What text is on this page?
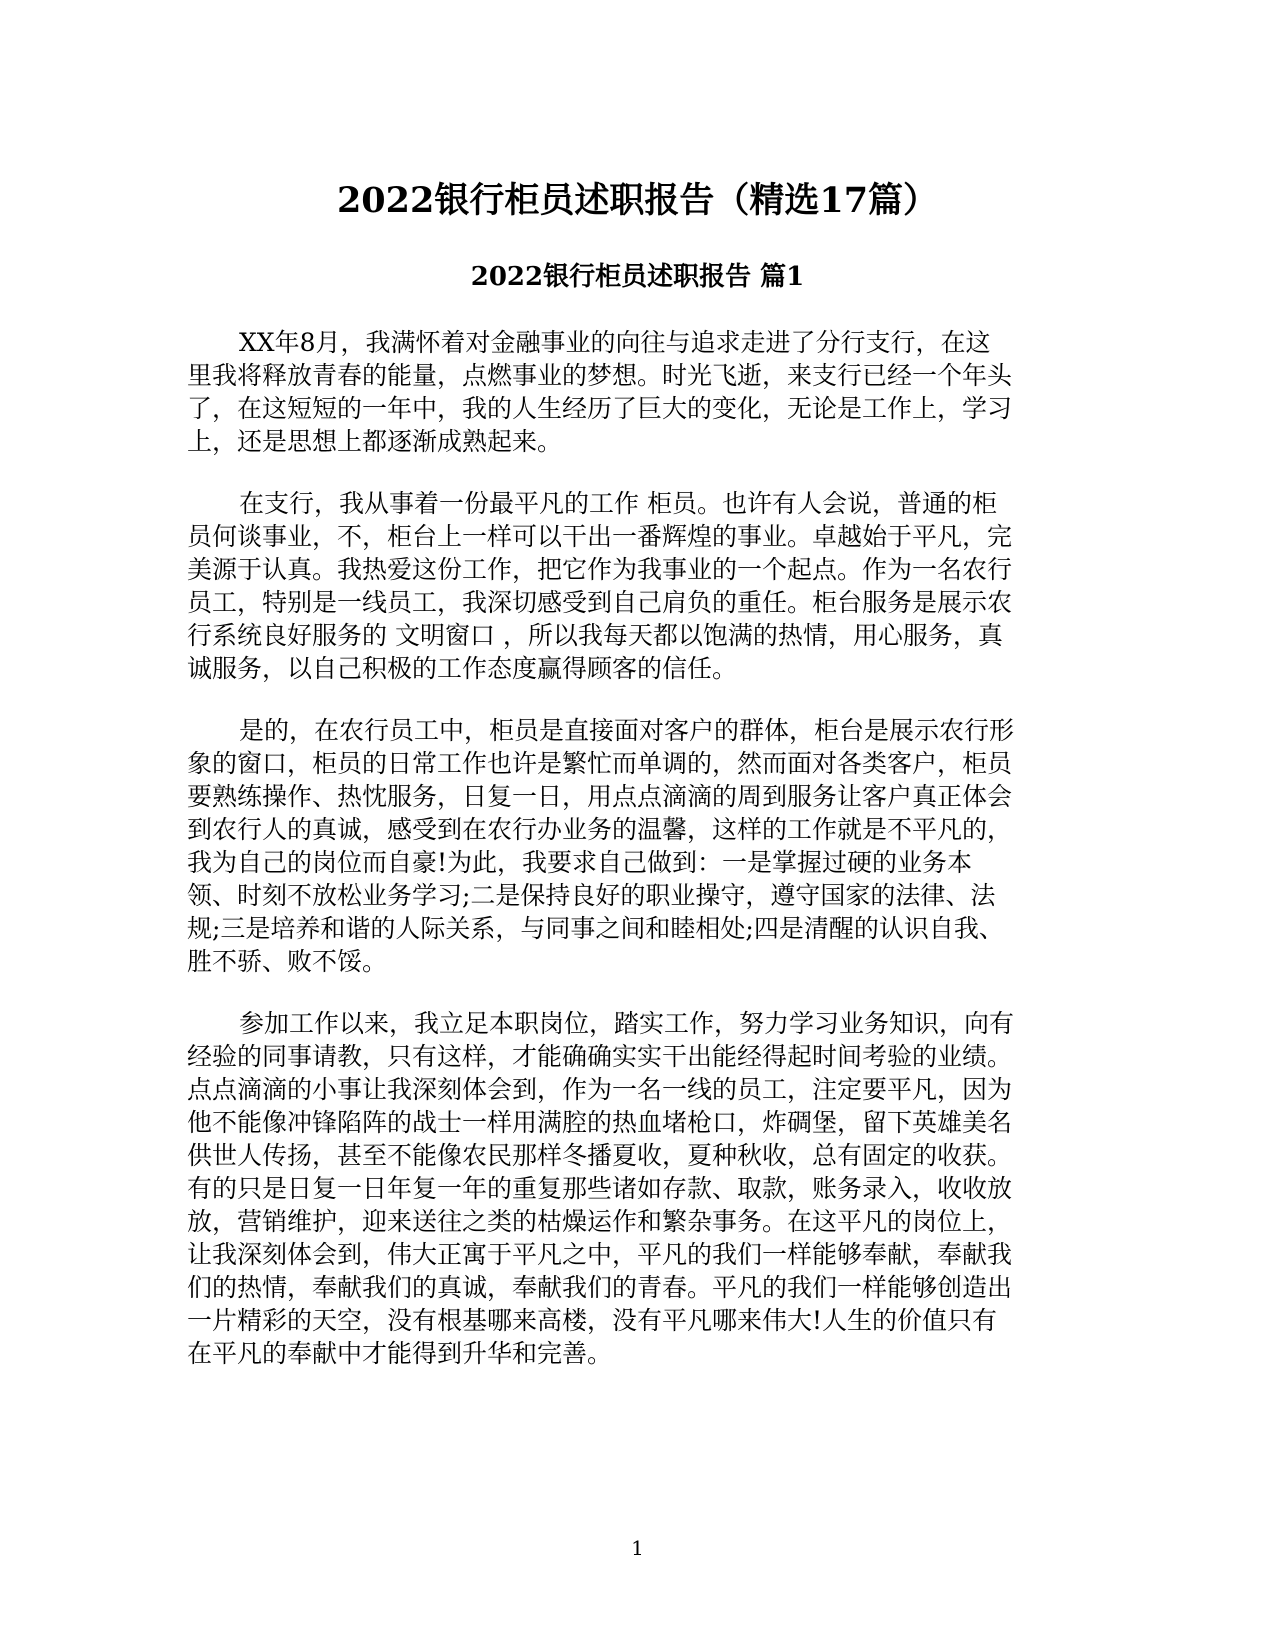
2022银行柜员述职报告（精选17篇）
2022银行柜员述职报告 篇1

XX年8月，我满怀着对金融事业的向往与追求走进了分行支行，在这
里我将释放青春的能量，点燃事业的梦想。时光飞逝，来支行已经一个年头
了，在这短短的一年中，我的人生经历了巨大的变化，无论是工作上，学习
上，还是思想上都逐渐成熟起来。

在支行，我从事着一份最平凡的工作 柜员。也许有人会说，普通的柜
员何谈事业，不，柜台上一样可以干出一番辉煌的事业。卓越始于平凡，完
美源于认真。我热爱这份工作，把它作为我事业的一个起点。作为一名农行
员工，特别是一线员工，我深切感受到自己肩负的重任。柜台服务是展示农
行系统良好服务的 文明窗口 ，所以我每天都以饱满的热情，用心服务，真
诚服务，以自己积极的工作态度赢得顾客的信任。

是的，在农行员工中，柜员是直接面对客户的群体，柜台是展示农行形
象的窗口，柜员的日常工作也许是繁忙而单调的，然而面对各类客户，柜员
要熟练操作、热忱服务，日复一日，用点点滴滴的周到服务让客户真正体会
到农行人的真诚，感受到在农行办业务的温馨，这样的工作就是不平凡的，
我为自己的岗位而自豪!为此，我要求自己做到：一是掌握过硬的业务本
领、时刻不放松业务学习;二是保持良好的职业操守，遵守国家的法律、法
规;三是培养和谐的人际关系，与同事之间和睦相处;四是清醒的认识自我、
胜不骄、败不馁。

参加工作以来，我立足本职岗位，踏实工作，努力学习业务知识，向有
经验的同事请教，只有这样，才能确确实实干出能经得起时间考验的业绩。
点点滴滴的小事让我深刻体会到，作为一名一线的员工，注定要平凡，因为
他不能像冲锋陷阵的战士一样用满腔的热血堵枪口，炸碉堡，留下英雄美名
供世人传扬，甚至不能像农民那样冬播夏收，夏种秋收，总有固定的收获。
有的只是日复一日年复一年的重复那些诸如存款、取款，账务录入，收收放
放，营销维护，迎来送往之类的枯燥运作和繁杂事务。在这平凡的岗位上，
让我深刻体会到，伟大正寓于平凡之中，平凡的我们一样能够奉献，奉献我
们的热情，奉献我们的真诚，奉献我们的青春。平凡的我们一样能够创造出
一片精彩的天空，没有根基哪来高楼，没有平凡哪来伟大!人生的价值只有
在平凡的奉献中才能得到升华和完善。

1
